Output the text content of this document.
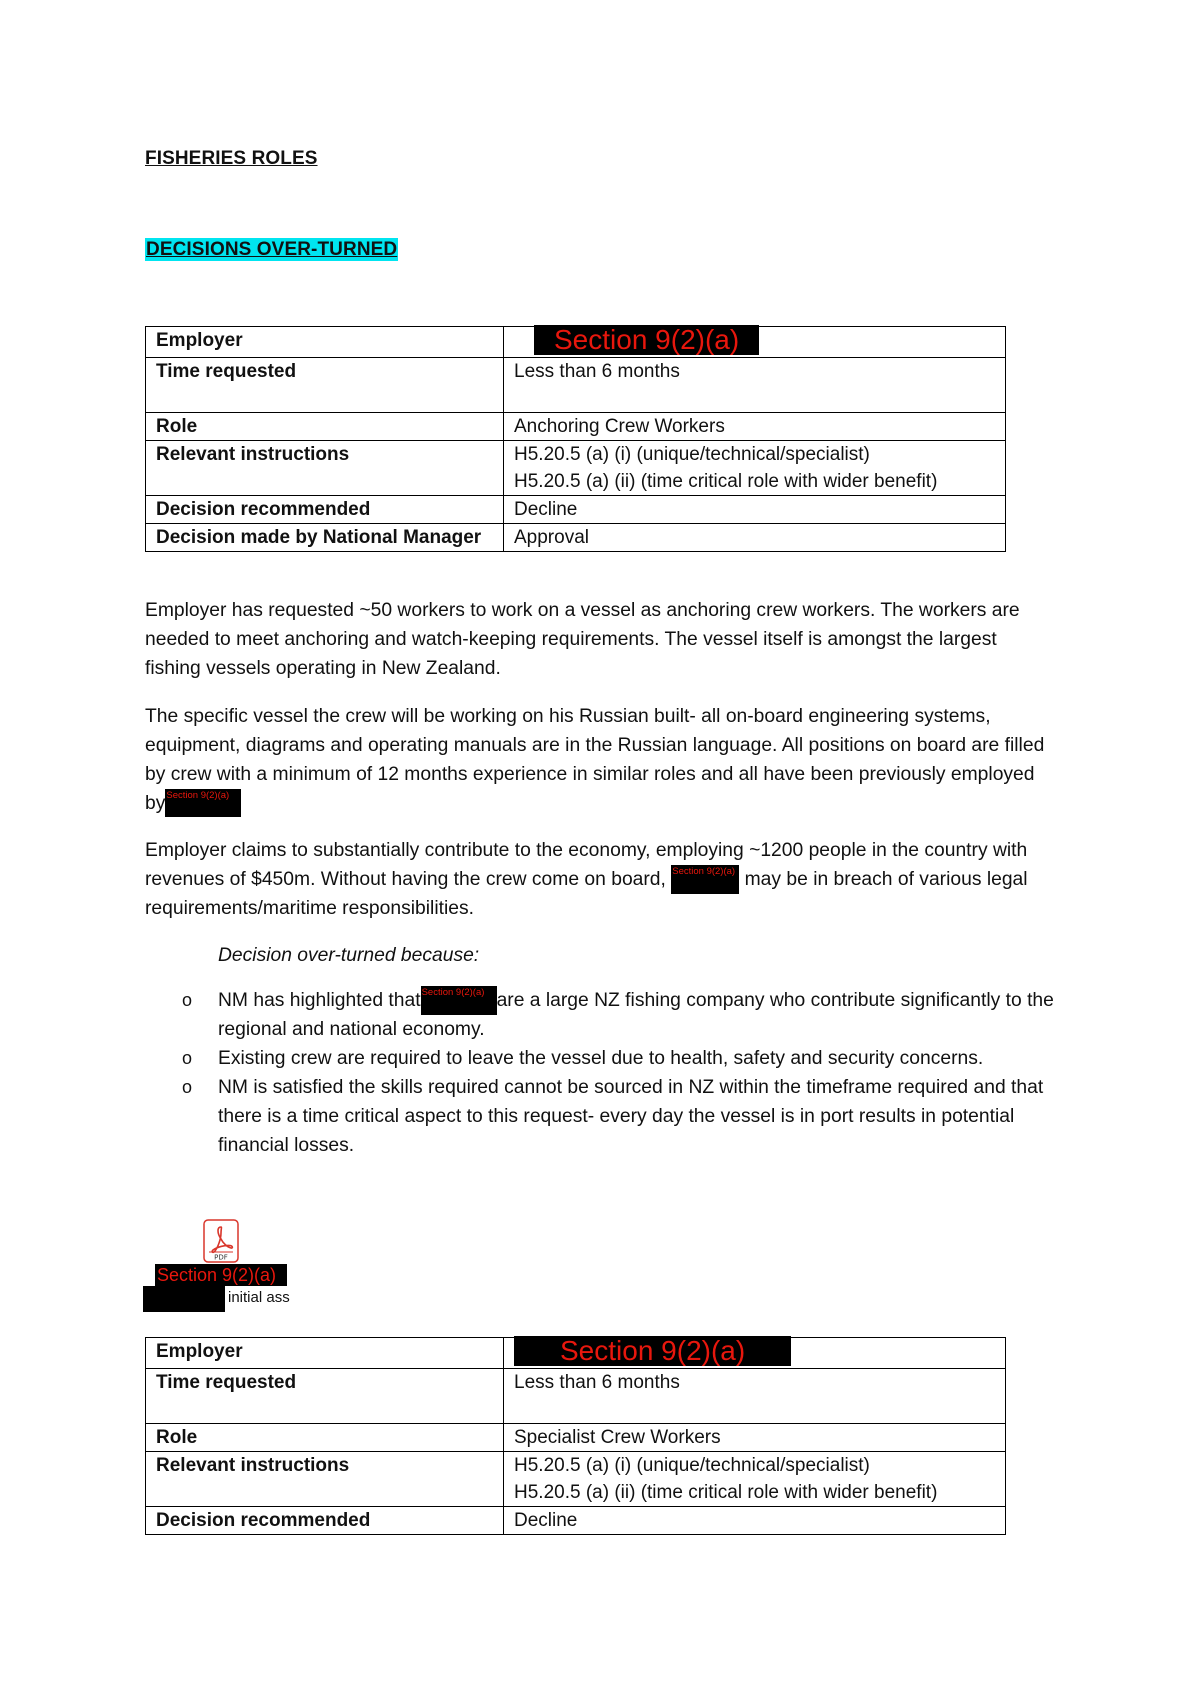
FISHERIES ROLES
DECISIONS OVER-TURNED
Employer	Section 9(2)(a)
Time requested	Less than 6 months
Role	Anchoring Crew Workers
Relevant instructions	H5.20.5 (a) (i) (unique/technical/specialist)
H5.20.5 (a) (ii) (time critical role with wider benefit)

Decision recommended	Decline
Decision made by National Manager	Approval

Employer has requested ~50 workers to work on a vessel as anchoring crew workers. The workers are needed to meet anchoring and watch-keeping requirements. The vessel itself is amongst the largest fishing vessels operating in New Zealand.

The specific vessel the crew will be working on his Russian built- all on-board engineering systems, equipment, diagrams and operating manuals are in the Russian language. All positions on board are filled by crew with a minimum of 12 months experience in similar roles and all have been previously employed bySection 9(2)(a)

Employer claims to substantially contribute to the economy, employing ~1200 people in the country with revenues of $450m. Without having the crew come on board, Section 9(2)(a) may be in breach of various legal requirements/maritime responsibilities.

Decision over-turned because:

o NM has highlighted thatSection 9(2)(a) are a large NZ fishing company who contribute significantly to the regional and national economy.
o Existing crew are required to leave the vessel due to health, safety and security concerns.
o NM is satisfied the skills required cannot be sourced in NZ within the timeframe required and that there is a time critical aspect to this request- every day the vessel is in port results in potential financial losses.
PDF
Section 9(2)(a)
initial ass
Employer	Section 9(2)(a)
Time requested	Less than 6 months
Role	Specialist Crew Workers
Relevant instructions	H5.20.5 (a) (i) (unique/technical/specialist)
H5.20.5 (a) (ii) (time critical role with wider benefit)

Decision recommended	Decline
